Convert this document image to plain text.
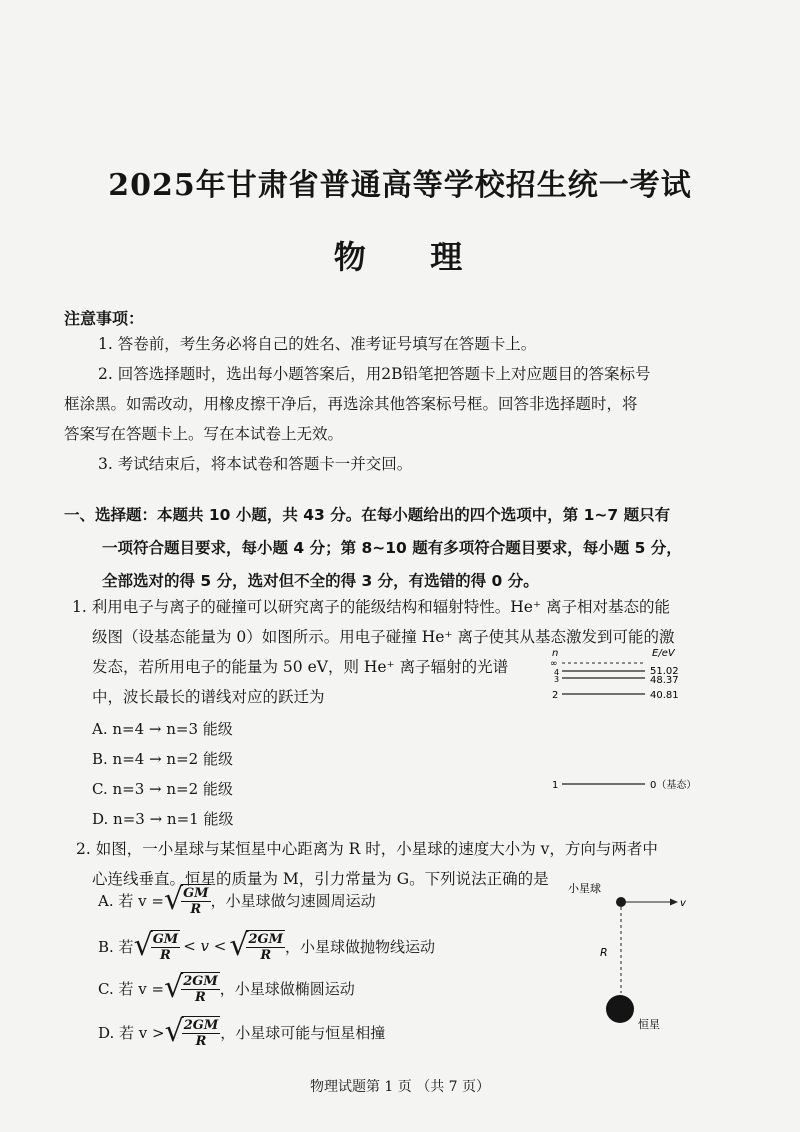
2025年甘肃省普通高等学校招生统一考试
物    理
注意事项：
1. 答卷前，考生务必将自己的姓名、准考证号填写在答题卡上。
2. 回答选择题时，选出每小题答案后，用2B铅笔把答题卡上对应题目的答案标号
框涂黑。如需改动，用橡皮擦干净后，再选涂其他答案标号框。回答非选择题时，将
答案写在答题卡上。写在本试卷上无效。
3. 考试结束后，将本试卷和答题卡一并交回。
一、选择题：本题共 10 小题，共 43 分。在每小题给出的四个选项中，第 1~7 题只有
一项符合题目要求，每小题 4 分；第 8~10 题有多项符合题目要求，每小题 5 分，
全部选对的得 5 分，选对但不全的得 3 分，有选错的得 0 分。
1. 利用电子与离子的碰撞可以研究离子的能级结构和辐射特性。He⁺ 离子相对基态的能
级图（设基态能量为 0）如图所示。用电子碰撞 He⁺ 离子使其从基态激发到可能的激
发态，若所用电子的能量为 50 eV，则 He⁺ 离子辐射的光谱
中，波长最长的谱线对应的跃迁为
A. n=4 → n=3 能级
B. n=4 → n=2 能级
C. n=3 → n=2 能级
D. n=3 → n=1 能级
n	E/eV
∞
4	51.02
3	48.37
2	40.81
1	0（基态）
2. 如图，一小星球与某恒星中心距离为 R 时，小星球的速度大小为 v，方向与两者中
心连线垂直。恒星的质量为 M，引力常量为 G。下列说法正确的是
A. 若 v = √
$\frac{GM}{R}$ ，小星球做匀速圆周运动
B. 若 √
$\frac{GM}{R} < v$ < √
$\frac{2GM}{R}$ ，小星球做抛物线运动
C. 若 v = √
$\frac{2GM}{R}$ ，小星球做椭圆运动
D. 若 v > √
$\frac{2GM}{R}$ ，小星球可能与恒星相撞
小星球
v
R
恒星
物理试题第 1 页 （共 7 页）
